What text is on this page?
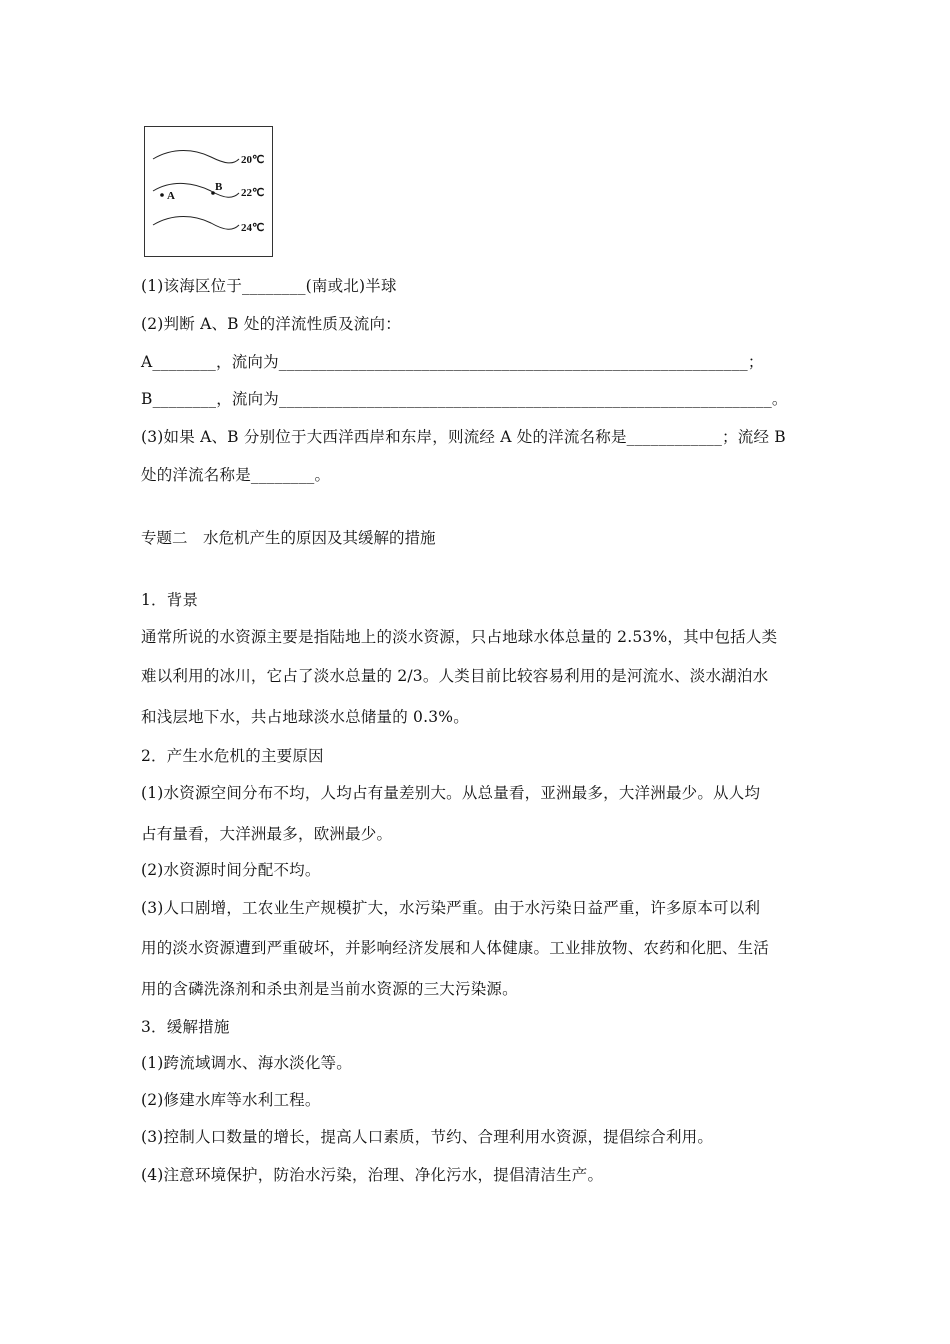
20℃
22℃
24℃
A
B
(1)该海区位于________(南或北)半球
(2)判断 A、B 处的洋流性质及流向：
A________，流向为___________________________________________________________；
B________，流向为______________________________________________________________。
(3)如果 A、B 分别位于大西洋西岸和东岸，则流经 A 处的洋流名称是____________；流经 B
处的洋流名称是________。
专题二　水危机产生的原因及其缓解的措施
1．背景
通常所说的水资源主要是指陆地上的淡水资源，只占地球水体总量的 2.53%，其中包括人类
难以利用的冰川，它占了淡水总量的 2/3。人类目前比较容易利用的是河流水、淡水湖泊水
和浅层地下水，共占地球淡水总储量的 0.3%。
2．产生水危机的主要原因
(1)水资源空间分布不均，人均占有量差别大。从总量看，亚洲最多，大洋洲最少。从人均
占有量看，大洋洲最多，欧洲最少。
(2)水资源时间分配不均。
(3)人口剧增，工农业生产规模扩大，水污染严重。由于水污染日益严重，许多原本可以利
用的淡水资源遭到严重破坏，并影响经济发展和人体健康。工业排放物、农药和化肥、生活
用的含磷洗涤剂和杀虫剂是当前水资源的三大污染源。
3．缓解措施
(1)跨流域调水、海水淡化等。
(2)修建水库等水利工程。
(3)控制人口数量的增长，提高人口素质，节约、合理利用水资源，提倡综合利用。
(4)注意环境保护，防治水污染，治理、净化污水，提倡清洁生产。
